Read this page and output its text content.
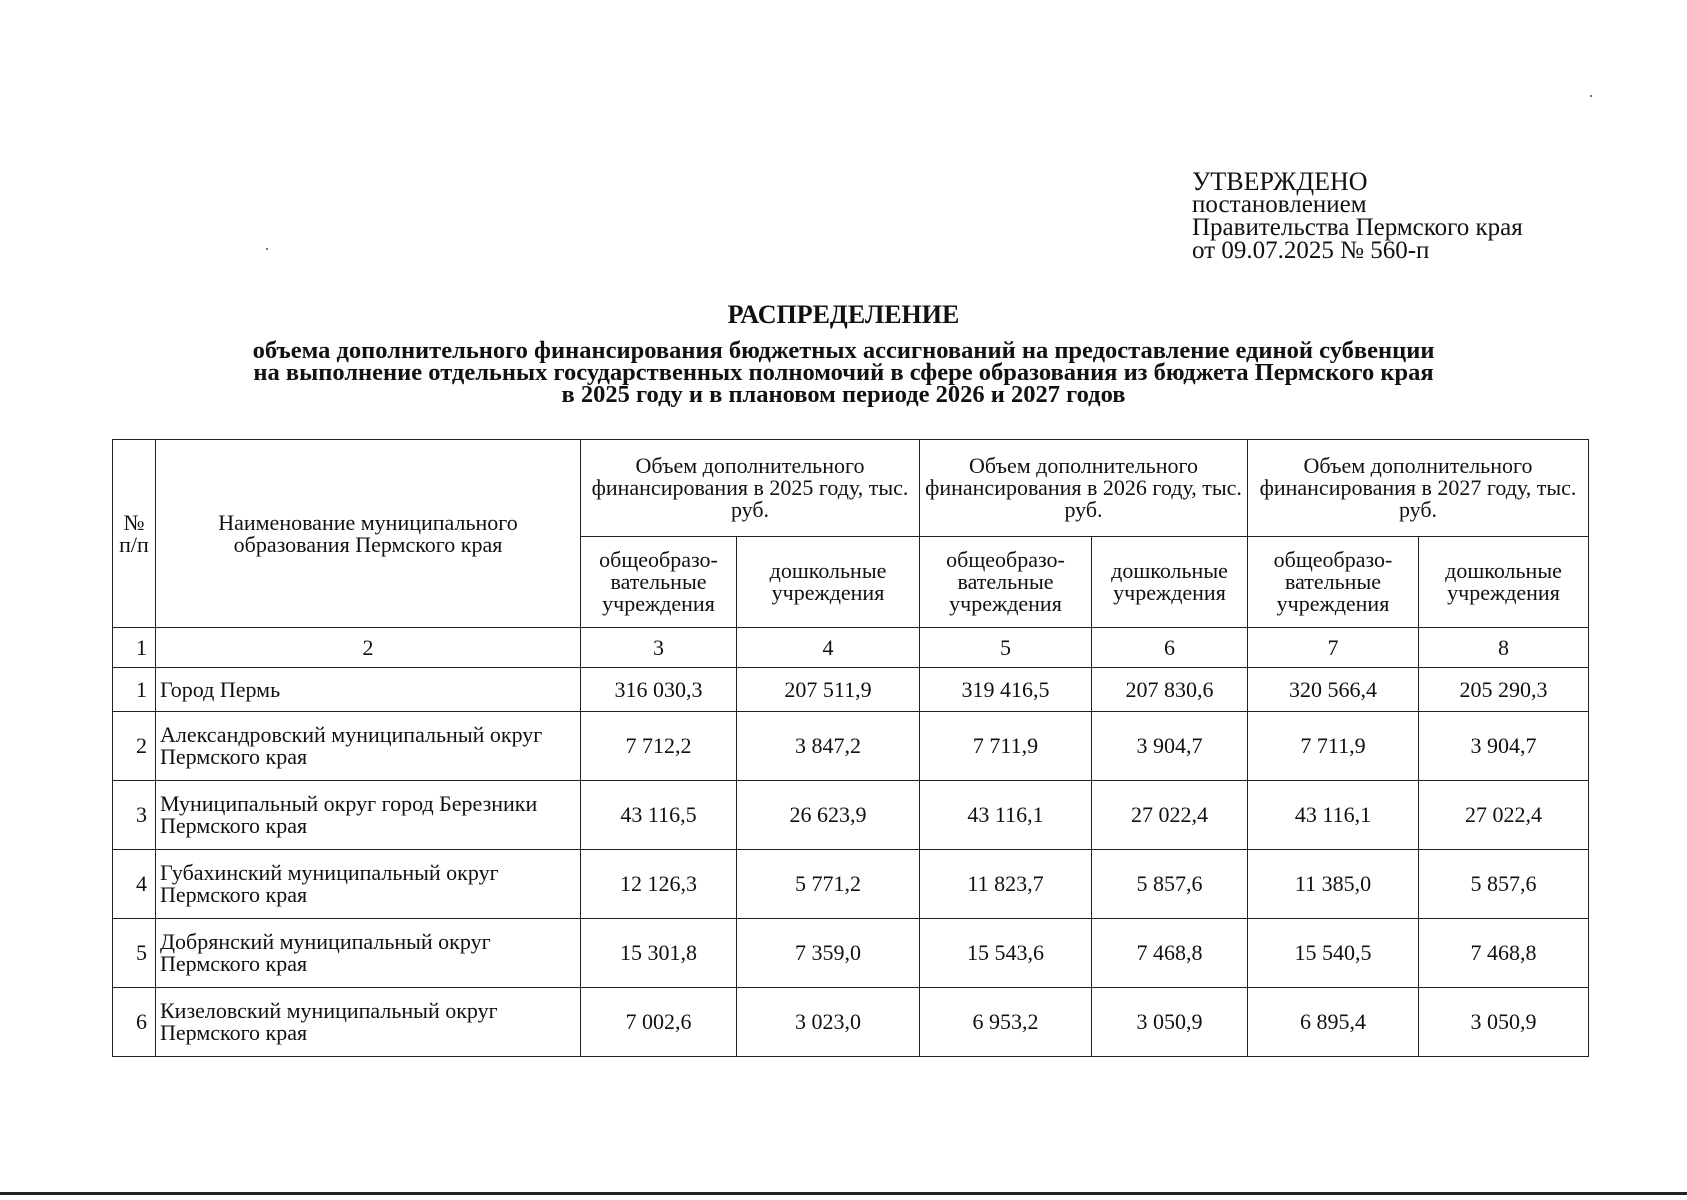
УТВЕРЖДЕНО
постановлением
Правительства Пермского края
от 09.07.2025 № 560-п
РАСПРЕДЕЛЕНИЕ
объема дополнительного финансирования бюджетных ассигнований на предоставление единой субвенции
на выполнение отдельных государственных полномочий в сфере образования из бюджета Пермского края
в 2025 году и в плановом периоде 2026 и 2027 годов
№ п/п	Наименование муниципального образования Пермского края	Объем дополнительного финансирования в 2025 году, тыс. руб.		Объем дополнительного финансирования в 2026 году, тыс. руб.		Объем дополнительного финансирования в 2027 году, тыс. руб.	
		общеобразо-вательные учреждения	дошкольные учреждения	общеобразо-вательные учреждения	дошкольные учреждения	общеобразо-вательные учреждения	дошкольные учреждения
1	2	3	4	5	6	7	8
1	Город Пермь	316 030,3	207 511,9	319 416,5	207 830,6	320 566,4	205 290,3
2	Александровский муниципальный округ Пермского края	7 712,2	3 847,2	7 711,9	3 904,7	7 711,9	3 904,7
3	Муниципальный округ город Березники Пермского края	43 116,5	26 623,9	43 116,1	27 022,4	43 116,1	27 022,4
4	Губахинский муниципальный округ Пермского края	12 126,3	5 771,2	11 823,7	5 857,6	11 385,0	5 857,6
5	Добрянский муниципальный округ Пермского края	15 301,8	7 359,0	15 543,6	7 468,8	15 540,5	7 468,8
6	Кизеловский муниципальный округ Пермского края	7 002,6	3 023,0	6 953,2	3 050,9	6 895,4	3 050,9
